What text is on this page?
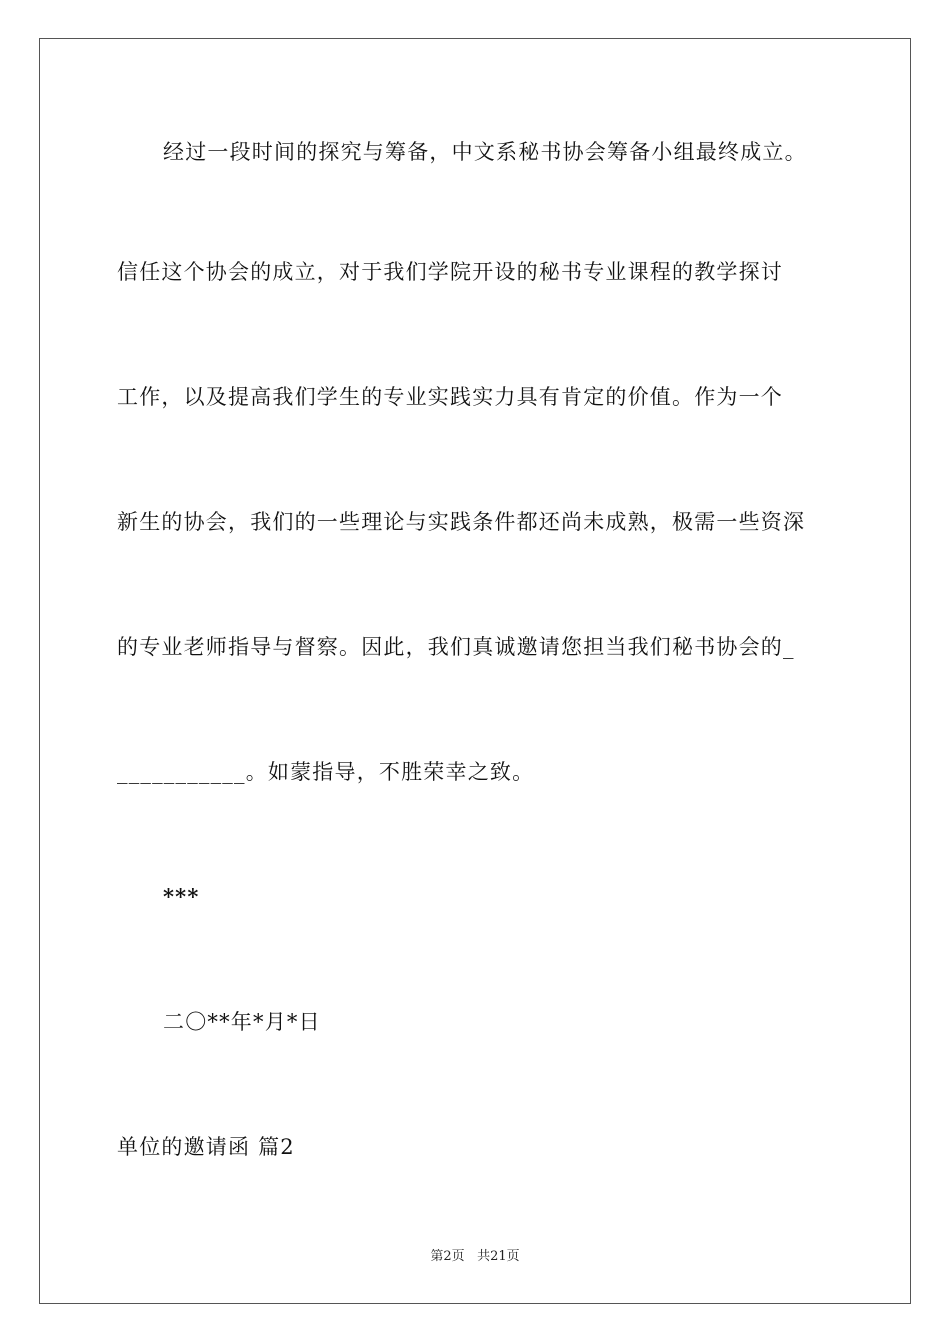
经过一段时间的探究与筹备，中文系秘书协会筹备小组最终成立。
信任这个协会的成立，对于我们学院开设的秘书专业课程的教学探讨
工作，以及提高我们学生的专业实践实力具有肯定的价值。作为一个
新生的协会，我们的一些理论与实践条件都还尚未成熟，极需一些资深
的专业老师指导与督察。因此，我们真诚邀请您担当我们秘书协会的_
___________。如蒙指导，不胜荣幸之致。
***
二〇**年*月*日
单位的邀请函 篇2
第2页 共21页
